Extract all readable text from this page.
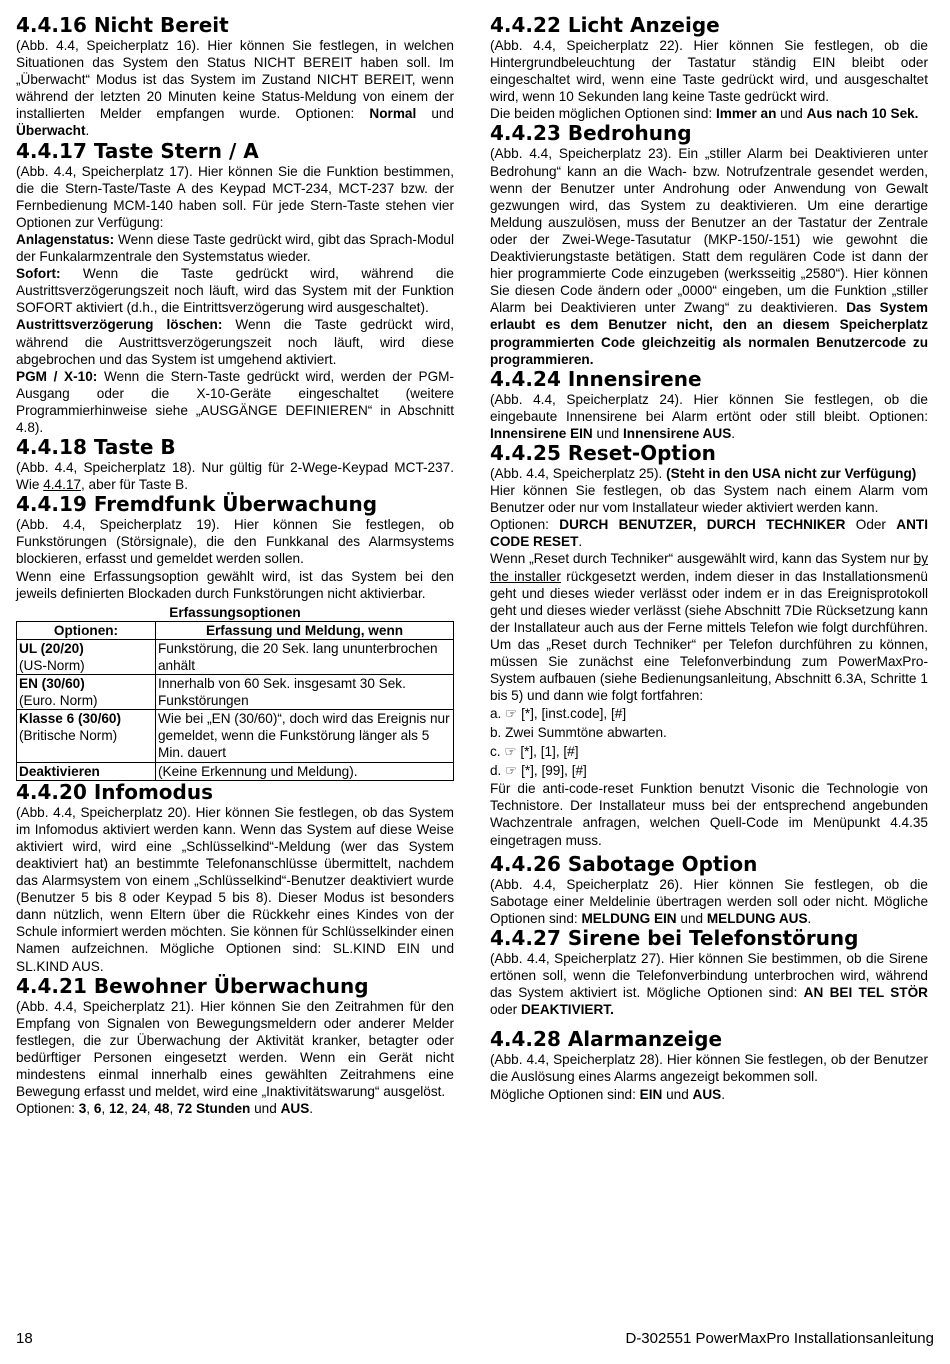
4.4.16 Nicht Bereit

(Abb. 4.4, Speicherplatz 16). Hier können Sie festlegen, in welchen Situationen das System den Status NICHT BEREIT haben soll. Im „Überwacht“ Modus ist das System im Zustand NICHT BEREIT, wenn während der letzten 20 Minuten keine Status-Meldung von einem der installierten Melder empfangen wurde. Optionen: Normal und Überwacht.

4.4.17 Taste Stern / A

(Abb. 4.4, Speicherplatz 17). Hier können Sie die Funktion bestimmen, die die Stern-Taste/Taste A des Keypad MCT-234, MCT-237 bzw. der Fernbedienung MCM-140 haben soll. Für jede Stern-Taste stehen vier Optionen zur Verfügung:

Anlagenstatus: Wenn diese Taste gedrückt wird, gibt das Sprach-Modul der Funkalarmzentrale den Systemstatus wieder.

Sofort: Wenn die Taste gedrückt wird, während die Austrittsverzögerungszeit noch läuft, wird das System mit der Funktion SOFORT aktiviert (d.h., die Eintrittsverzögerung wird ausgeschaltet).

Austrittsverzögerung löschen: Wenn die Taste gedrückt wird, während die Austrittsverzögerungszeit noch läuft, wird diese abgebrochen und das System ist umgehend aktiviert.

PGM / X-10: Wenn die Stern-Taste gedrückt wird, werden der PGM-Ausgang oder die X-10-Geräte eingeschaltet (weitere Programmierhinweise siehe „AUSGÄNGE DEFINIEREN“ in Abschnitt 4.8).

4.4.18 Taste B

(Abb. 4.4, Speicherplatz 18). Nur gültig für 2-Wege-Keypad MCT-237. Wie 4.4.17, aber für Taste B.

4.4.19 Fremdfunk Überwachung

(Abb. 4.4, Speicherplatz 19). Hier können Sie festlegen, ob Funkstörungen (Störsignale), die den Funkkanal des Alarmsystems blockieren, erfasst und gemeldet werden sollen.

Wenn eine Erfassungsoption gewählt wird, ist das System bei den jeweils definierten Blockaden durch Funkstörungen nicht aktivierbar.

Erfassungsoptionen
Optionen:	Erfassung und Meldung, wenn
UL (20/20)
(US-Norm)	Funkstörung, die 20 Sek. lang ununterbrochen anhält
EN (30/60)
(Euro. Norm)	Innerhalb von 60 Sek. insgesamt 30 Sek. Funkstörungen
Klasse 6 (30/60)
(Britische Norm)	Wie bei „EN (30/60)“, doch wird das Ereignis nur gemeldet, wenn die Funkstörung länger als 5 Min. dauert
Deaktivieren	(Keine Erkennung und Meldung).
4.4.20 Infomodus

(Abb. 4.4, Speicherplatz 20). Hier können Sie festlegen, ob das System im Infomodus aktiviert werden kann. Wenn das System auf diese Weise aktiviert wird, wird eine „Schlüsselkind“-Meldung (wer das System deaktiviert hat) an bestimmte Telefonanschlüsse übermittelt, nachdem das Alarmsystem von einem „Schlüsselkind“-Benutzer deaktiviert wurde (Benutzer 5 bis 8 oder Keypad 5 bis 8). Dieser Modus ist besonders dann nützlich, wenn Eltern über die Rückkehr eines Kindes von der Schule informiert werden möchten. Sie können für Schlüsselkinder einen Namen aufzeichnen. Mögliche Optionen sind: SL.KIND EIN und SL.KIND AUS.

4.4.21 Bewohner Überwachung

(Abb. 4.4, Speicherplatz 21). Hier können Sie den Zeitrahmen für den Empfang von Signalen von Bewegungsmeldern oder anderer Melder festlegen, die zur Überwachung der Aktivität kranker, betagter oder bedürftiger Personen eingesetzt werden. Wenn ein Gerät nicht mindestens einmal innerhalb eines gewählten Zeitrahmens eine Bewegung erfasst und meldet, wird eine „Inaktivitätswarung“ ausgelöst.

Optionen: 3, 6, 12, 24, 48, 72 Stunden und AUS.

4.4.22 Licht Anzeige

(Abb. 4.4, Speicherplatz 22). Hier können Sie festlegen, ob die Hintergrundbeleuchtung der Tastatur ständig EIN bleibt oder eingeschaltet wird, wenn eine Taste gedrückt wird, und ausgeschaltet wird, wenn 10 Sekunden lang keine Taste gedrückt wird.

Die beiden möglichen Optionen sind: Immer an und Aus nach 10 Sek.

4.4.23 Bedrohung

(Abb. 4.4, Speicherplatz 23). Ein „stiller Alarm bei Deaktivieren unter Bedrohung“ kann an die Wach- bzw. Notrufzentrale gesendet werden, wenn der Benutzer unter Androhung oder Anwendung von Gewalt gezwungen wird, das System zu deaktivieren. Um eine derartige Meldung auszulösen, muss der Benutzer an der Tastatur der Zentrale oder der Zwei-Wege-Tasutatur (MKP-150/-151) wie gewohnt die Deaktivierungstaste betätigen. Statt dem regulären Code ist dann der hier programmierte Code einzugeben (werksseitig „2580“). Hier können Sie diesen Code ändern oder „0000“ eingeben, um die Funktion „stiller Alarm bei Deaktivieren unter Zwang“ zu deaktivieren. Das System erlaubt es dem Benutzer nicht, den an diesem Speicherplatz programmierten Code gleichzeitig als normalen Benutzercode zu programmieren.

4.4.24 Innensirene

(Abb. 4.4, Speicherplatz 24). Hier können Sie festlegen, ob die eingebaute Innensirene bei Alarm ertönt oder still bleibt. Optionen: Innensirene EIN und Innensirene AUS.

4.4.25 Reset-Option

(Abb. 4.4, Speicherplatz 25). (Steht in den USA nicht zur Verfügung)

Hier können Sie festlegen, ob das System nach einem Alarm vom Benutzer oder nur vom Installateur wieder aktiviert werden kann.

Optionen: DURCH BENUTZER, DURCH TECHNIKER Oder ANTI CODE RESET.

Wenn „Reset durch Techniker“ ausgewählt wird, kann das System nur by the installer rückgesetzt werden, indem dieser in das Installationsmenü geht und dieses wieder verlässt oder indem er in das Ereignisprotokoll geht und dieses wieder verlässt (siehe Abschnitt 7Die Rücksetzung kann der Installateur auch aus der Ferne mittels Telefon wie folgt durchführen. Um das „Reset durch Techniker“ per Telefon durchführen zu können, müssen Sie zunächst eine Telefonverbindung zum PowerMaxPro-System aufbauen (siehe Bedienungsanleitung, Abschnitt 6.3A, Schritte 1 bis 5) und dann wie folgt fortfahren:

a. ☞ [*], [inst.code], [#]

b. Zwei Summtöne abwarten.

c. ☞ [*], [1], [#]

d. ☞ [*], [99], [#]

Für die anti-code-reset Funktion benutzt Visonic die Technologie von Technistore. Der Installateur muss bei der entsprechend angebunden Wachzentrale anfragen, welchen Quell-Code im Menüpunkt 4.4.35 eingetragen muss.

4.4.26 Sabotage Option

(Abb. 4.4, Speicherplatz 26). Hier können Sie festlegen, ob die Sabotage einer Meldelinie übertragen werden soll oder nicht. Mögliche Optionen sind: MELDUNG EIN und MELDUNG AUS.

4.4.27 Sirene bei Telefonstörung

(Abb. 4.4, Speicherplatz 27). Hier können Sie bestimmen, ob die Sirene ertönen soll, wenn die Telefonverbindung unterbrochen wird, während das System aktiviert ist. Mögliche Optionen sind: AN BEI TEL STÖR oder DEAKTIVIERT.

4.4.28 Alarmanzeige

(Abb. 4.4, Speicherplatz 28). Hier können Sie festlegen, ob der Benutzer die Auslösung eines Alarms angezeigt bekommen soll.

Mögliche Optionen sind: EIN und AUS.

18	D-302551 PowerMaxPro Installationsanleitung
